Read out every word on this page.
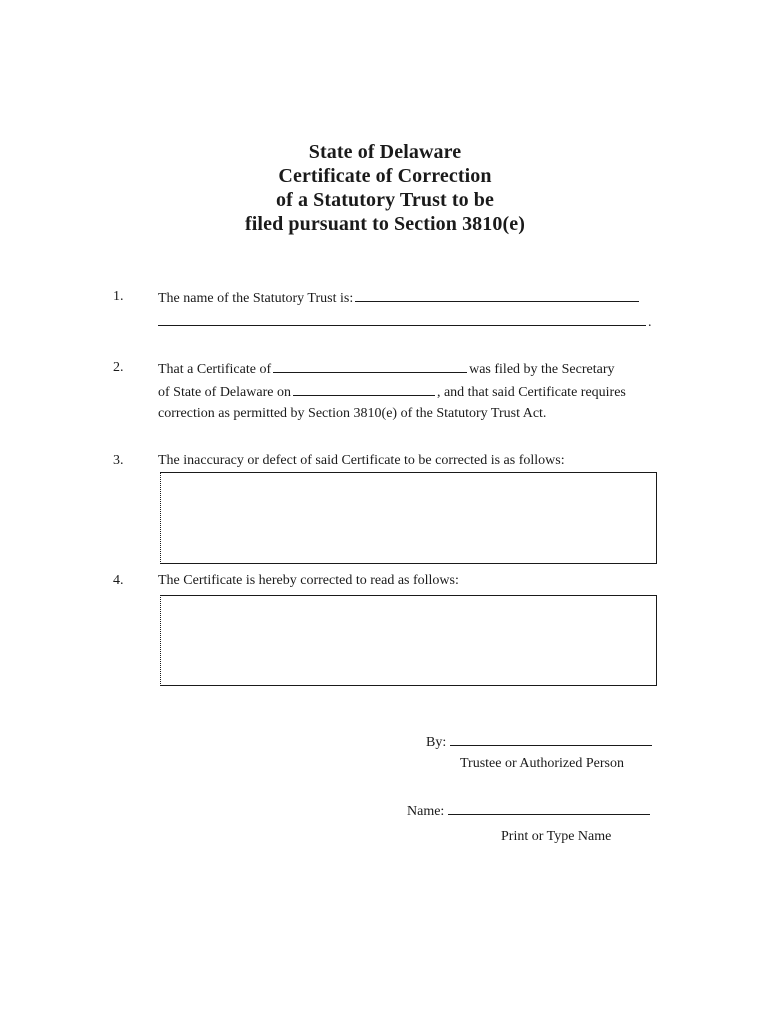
State of Delaware
Certificate of Correction
of a Statutory Trust to be
filed pursuant to Section 3810(e)
1. The name of the Statutory Trust is:
.
2. That a Certificate of	was filed by the Secretary
of State of Delaware on	, and that said Certificate requires
correction as permitted by Section 3810(e) of the Statutory Trust Act.
3. The inaccuracy or defect of said Certificate to be corrected is as follows:
4. The Certificate is hereby corrected to read as follows:
By:
Trustee or Authorized Person
Name:
Print or Type Name
